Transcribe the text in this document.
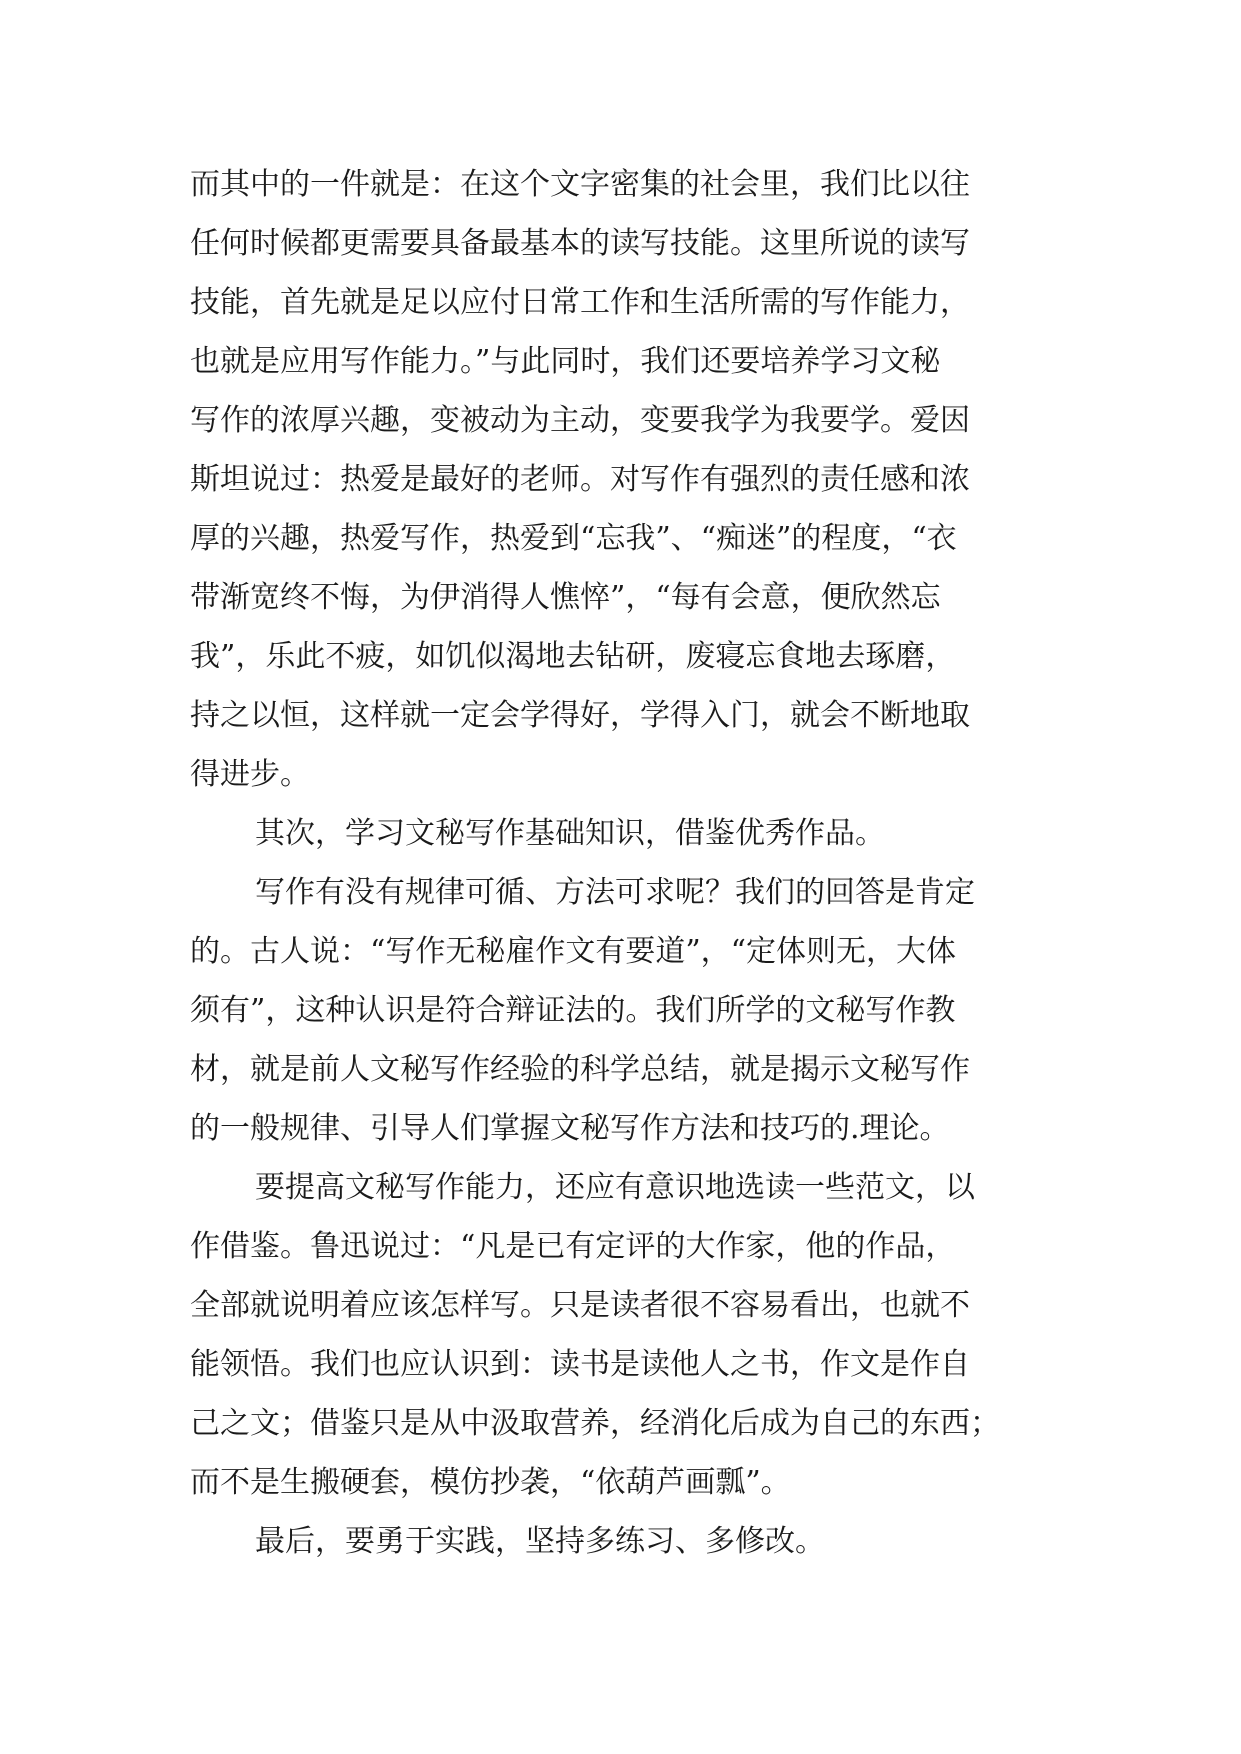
而其中的一件就是：在这个文字密集的社会里，我们比以往
任何时候都更需要具备最基本的读写技能。这里所说的读写
技能，首先就是足以应付日常工作和生活所需的写作能力，
也就是应用写作能力。”与此同时，我们还要培养学习文秘
写作的浓厚兴趣，变被动为主动，变要我学为我要学。爱因
斯坦说过：热爱是最好的老师。对写作有强烈的责任感和浓
厚的兴趣，热爱写作，热爱到“忘我”、“痴迷”的程度，“衣
带渐宽终不悔，为伊消得人憔悴”，“每有会意，便欣然忘
我”，乐此不疲，如饥似渴地去钻研，废寝忘食地去琢磨，
持之以恒，这样就一定会学得好，学得入门，就会不断地取
得进步。
其次，学习文秘写作基础知识，借鉴优秀作品。
写作有没有规律可循、方法可求呢？我们的回答是肯定
的。古人说：“写作无秘雇作文有要道”，“定体则无，大体
须有”，这种认识是符合辩证法的。我们所学的文秘写作教
材，就是前人文秘写作经验的科学总结，就是揭示文秘写作
的一般规律、引导人们掌握文秘写作方法和技巧的.理论。
要提高文秘写作能力，还应有意识地选读一些范文，以
作借鉴。鲁迅说过：“凡是已有定评的大作家，他的作品，
全部就说明着应该怎样写。只是读者很不容易看出，也就不
能领悟。我们也应认识到：读书是读他人之书，作文是作自
己之文；借鉴只是从中汲取营养，经消化后成为自己的东西；
而不是生搬硬套，模仿抄袭，“依葫芦画瓢”。
最后，要勇于实践，坚持多练习、多修改。
